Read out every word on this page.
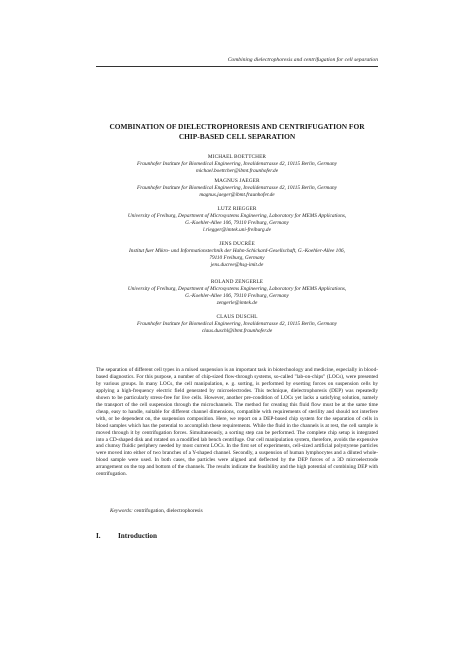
Combining dielectrophoresis and centrifugation for cell separation
COMBINATION OF DIELECTROPHORESIS AND CENTRIFUGATION FOR
CHIP-BASED CELL SEPARATION
MICHAEL BOETTCHER
Fraunhofer Institute for Biomedical Engineering, Invalidenstrasse 42, 10115 Berlin, Germany
michael.boettcher@ibmt.fraunhofer.de
MAGNUS JAEGER
Fraunhofer Institute for Biomedical Engineering, Invalidenstrasse 42, 10115 Berlin, Germany
magnus.jaeger@ibmt.fraunhofer.de
LUTZ RIEGGER
University of Freiburg, Department of Microsystems Engineering, Laboratory for MEMS Applications,
G.-Koehler-Allee 106, 79110 Freiburg, Germany
l.riegger@imtek.uni-freiburg.de
JENS DUCRÉE
Institut fuer Mikro- und Informationstechnik der Hahn-Schickard-Gesellschaft, G.-Koehler-Allee 106,
79110 Freiburg, Germany
jens.ducree@hsg-imit.de
ROLAND ZENGERLE
University of Freiburg, Department of Microsystems Engineering, Laboratory for MEMS Applications,
G.-Koehler-Allee 106, 79110 Freiburg, Germany
zengerle@imtek.de
CLAUS DUSCHL
Fraunhofer Institute for Biomedical Engineering, Invalidenstrasse 42, 10115 Berlin, Germany
claus.duschl@ibmt.fraunhofer.de

The separation of different cell types in a mixed suspension is an important task in biotechnology and medicine, especially in blood-based diagnostics. For this purpose, a number of chip-sized flow-through systems, so-called "lab-on-chips" (LOCs), were presented by various groups. In many LOCs, the cell manipulation, e. g. sorting, is performed by exerting forces on suspension cells by applying a high-frequency electric field generated by microelectrodes. This technique, dielectrophoresis (DEP) was repeatedly shown to be particularly stress-free for live cells. However, another pre-condition of LOCs yet lacks a satisfying solution, namely the transport of the cell suspension through the microchannels. The method for creating this fluid flow must be at the same time cheap, easy to handle, suitable for different channel dimensions, compatible with requirements of sterility and should not interfere with, or be dependent on, the suspension composition. Here, we report on a DEP-based chip system for the separation of cells in blood samples which has the potential to accomplish these requirements. While the fluid in the channels is at rest, the cell sample is moved through it by centrifugation forces. Simultaneously, a sorting step can be performed. The complete chip setup is integrated into a CD-shaped disk and rotated on a modified lab bench centrifuge. Our cell manipulation system, therefore, avoids the expensive and clumsy fluidic periphery needed by most current LOCs. In the first set of experiments, cell-sized artificial polystyrene particles were moved into either of two branches of a Y-shaped channel. Secondly, a suspension of human lymphocytes and a diluted whole-blood sample were used. In both cases, the particles were aligned and deflected by the DEP forces of a 3D microelectrode arrangement on the top and bottom of the channels. The results indicate the feasibility and the high potential of combining DEP with centrifugation.

Keywords: centrifugation, dielectrophoresis
I. Introduction
